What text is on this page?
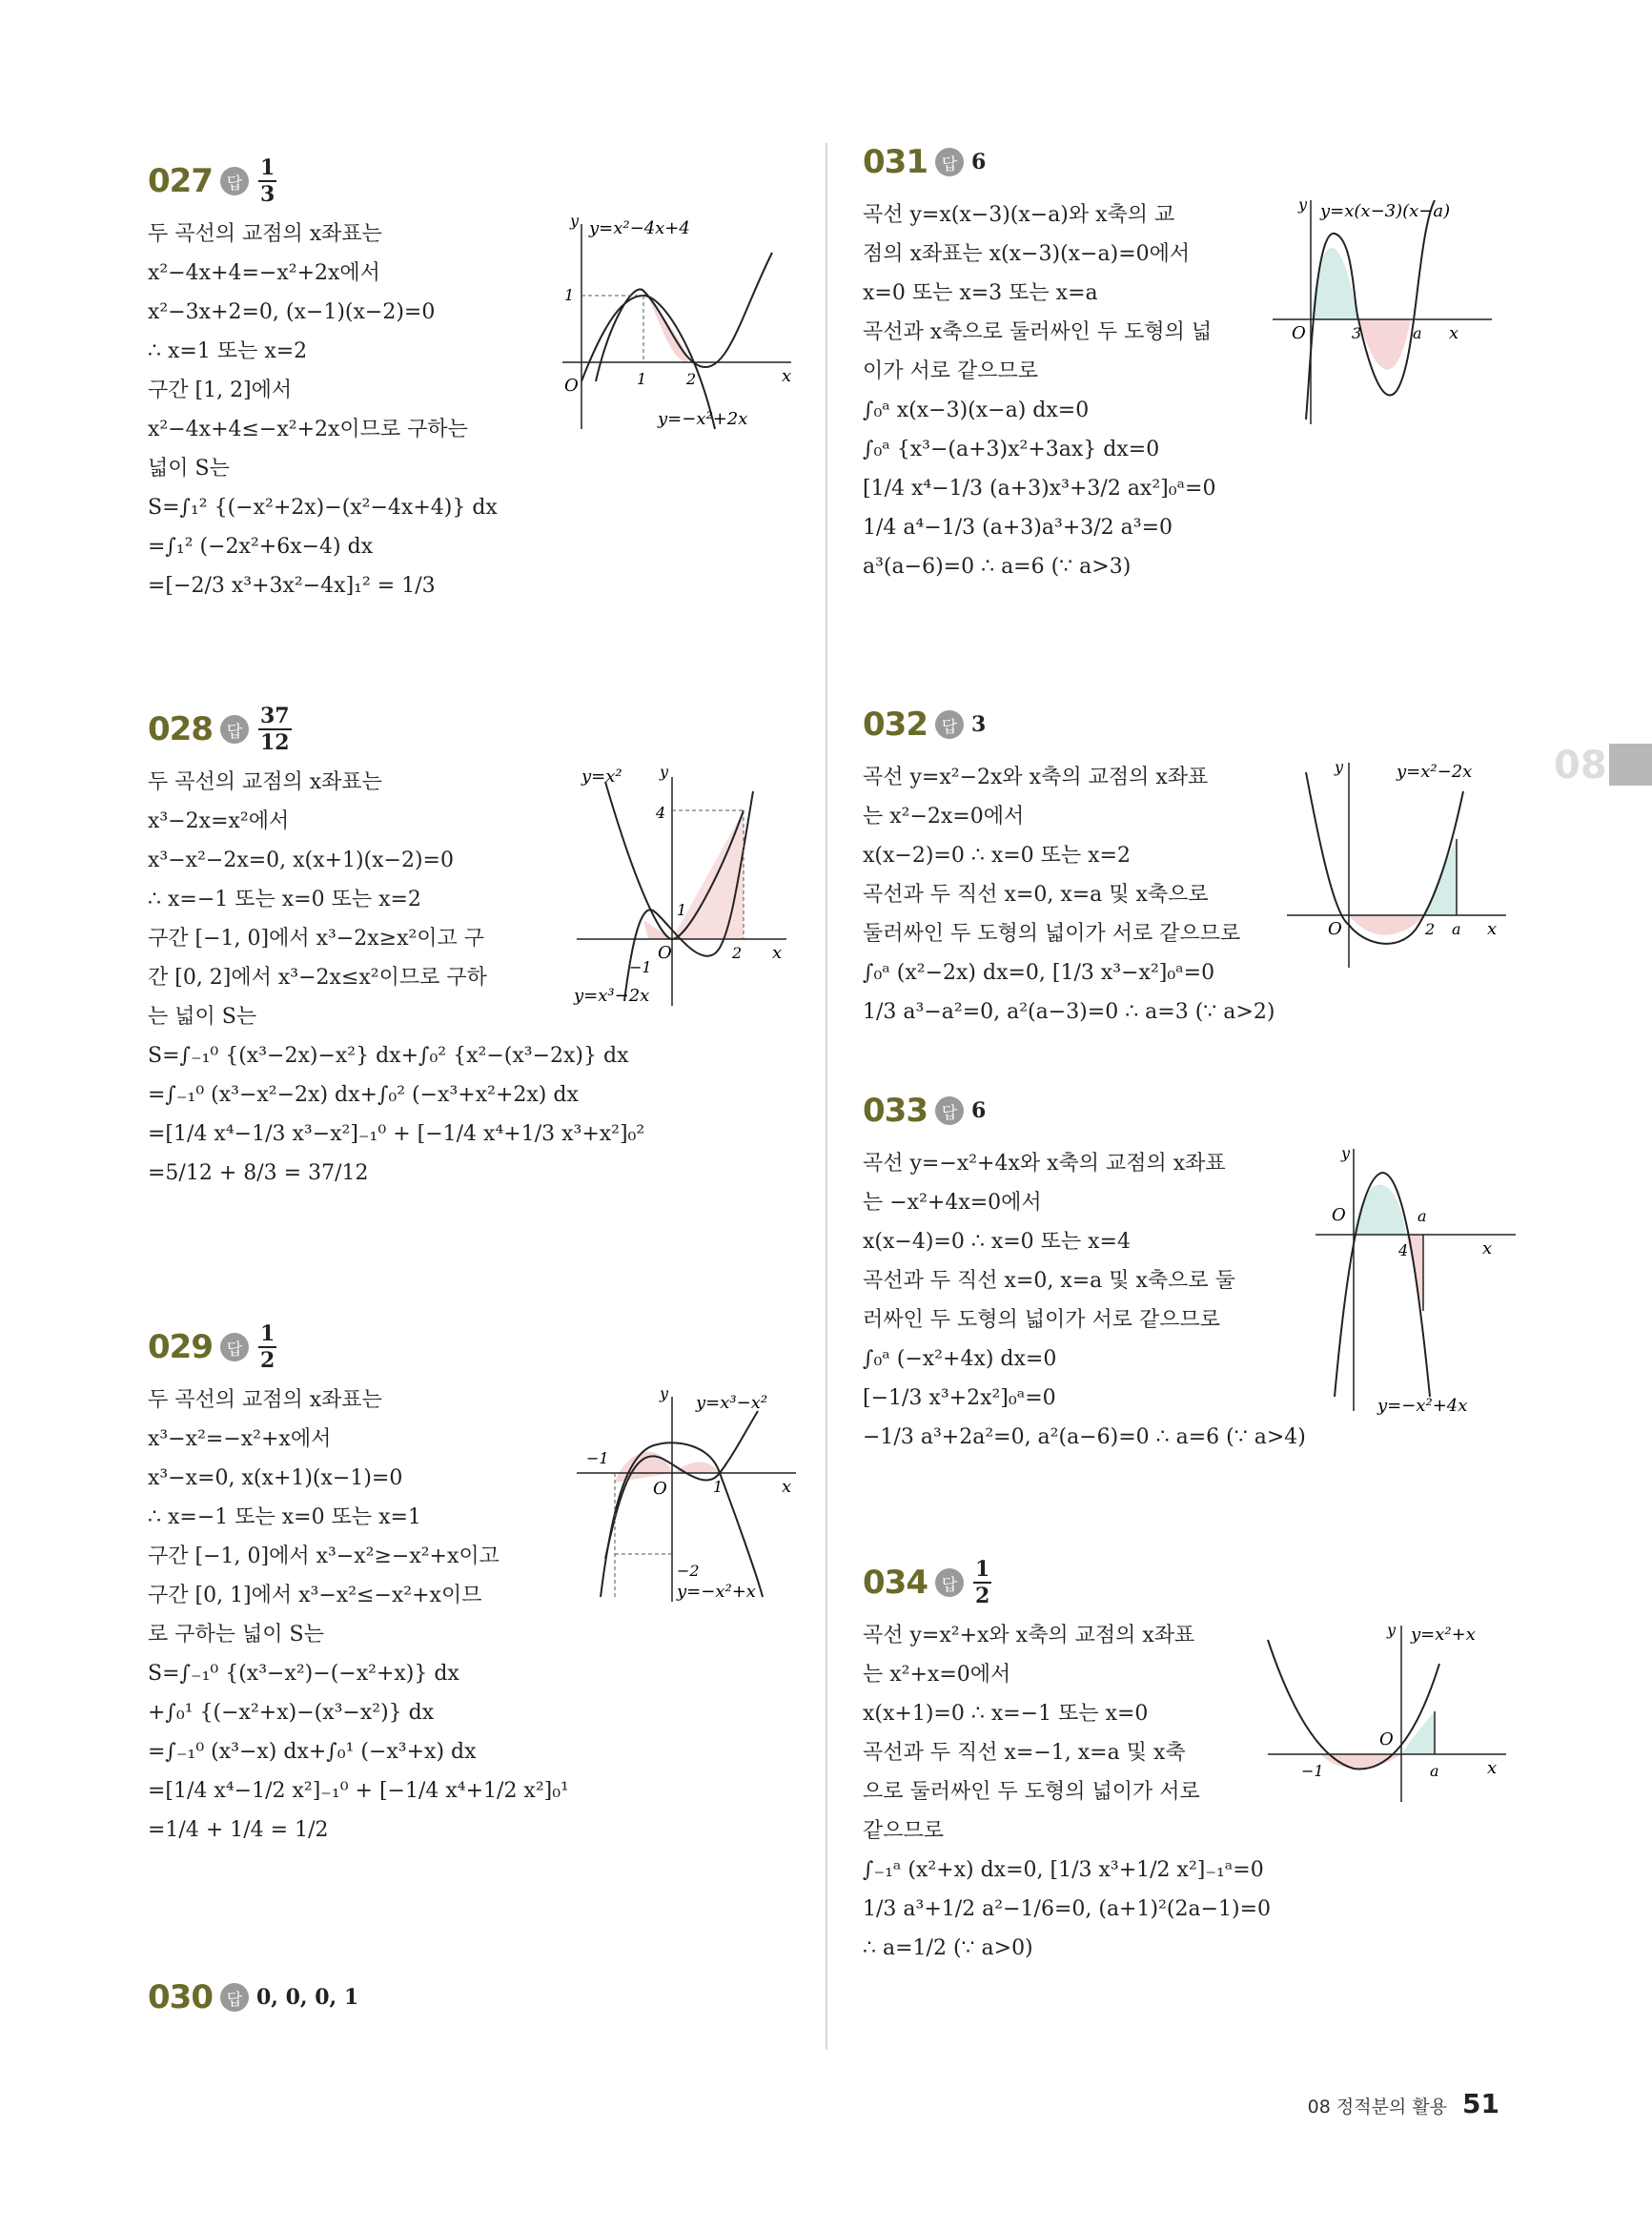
027 답 $\frac{1}{3}$
두 곡선의 교점의 x좌표는
x²−4x+4=−x²+2x에서
x²−3x+2=0, (x−1)(x−2)=0
∴ x=1 또는 x=2
구간 [1, 2]에서
x²−4x+4≤−x²+2x이므로 구하는
넓이 S는
S=∫₁² {(−x²+2x)−(x²−4x+4)} dx
=∫₁² (−2x²+6x−4) dx
=[−2/3 x³+3x²−4x]₁² = 1/3
y=x²−4x+4
y=−x²+2x
O	1	2
1
x
y
028 답 $\frac{37}{12}$
두 곡선의 교점의 x좌표는
x³−2x=x²에서
x³−x²−2x=0, x(x+1)(x−2)=0
∴ x=−1 또는 x=0 또는 x=2
구간 [−1, 0]에서 x³−2x≥x²이고 구
간 [0, 2]에서 x³−2x≤x²이므로 구하
는 넓이 S는
S=∫₋₁⁰ {(x³−2x)−x²} dx+∫₀² {x²−(x³−2x)} dx
=∫₋₁⁰ (x³−x²−2x) dx+∫₀² (−x³+x²+2x) dx
=[1/4 x⁴−1/3 x³−x²]₋₁⁰ + [−1/4 x⁴+1/3 x³+x²]₀²
=5/12 + 8/3 = 37/12
y=x²
y=x³−2x
O	2
−1
1
4
x
y
029 답 $\frac{1}{2}$
두 곡선의 교점의 x좌표는
x³−x²=−x²+x에서
x³−x=0, x(x+1)(x−1)=0
∴ x=−1 또는 x=0 또는 x=1
구간 [−1, 0]에서 x³−x²≥−x²+x이고
구간 [0, 1]에서 x³−x²≤−x²+x이므
로 구하는 넓이 S는
S=∫₋₁⁰ {(x³−x²)−(−x²+x)} dx
+∫₀¹ {(−x²+x)−(x³−x²)} dx
=∫₋₁⁰ (x³−x) dx+∫₀¹ (−x³+x) dx
=[1/4 x⁴−1/2 x²]₋₁⁰ + [−1/4 x⁴+1/2 x²]₀¹
=1/4 + 1/4 = 1/2
y=x³−x²
y=−x²+x
O	1
−1
−2
x
y
030 답 0, 0, 0, 1
031 답 6
곡선 y=x(x−3)(x−a)와 x축의 교
점의 x좌표는 x(x−3)(x−a)=0에서
x=0 또는 x=3 또는 x=a
곡선과 x축으로 둘러싸인 두 도형의 넓
이가 서로 같으므로
∫₀ᵃ x(x−3)(x−a) dx=0
∫₀ᵃ {x³−(a+3)x²+3ax} dx=0
[1/4 x⁴−1/3 (a+3)x³+3/2 ax²]₀ᵃ=0
1/4 a⁴−1/3 (a+3)a³+3/2 a³=0
a³(a−6)=0 ∴ a=6 (∵ a>3)
y=x(x−3)(x−a)
O	3	a x
y
032 답 3
곡선 y=x²−2x와 x축의 교점의 x좌표
는 x²−2x=0에서
x(x−2)=0 ∴ x=0 또는 x=2
곡선과 두 직선 x=0, x=a 및 x축으로
둘러싸인 두 도형의 넓이가 서로 같으므로
∫₀ᵃ (x²−2x) dx=0, [1/3 x³−x²]₀ᵃ=0
1/3 a³−a²=0, a²(a−3)=0 ∴ a=3 (∵ a>2)
y=x²−2x
O	2 a x
y
033 답 6
곡선 y=−x²+4x와 x축의 교점의 x좌표
는 −x²+4x=0에서
x(x−4)=0 ∴ x=0 또는 x=4
곡선과 두 직선 x=0, x=a 및 x축으로 둘
러싸인 두 도형의 넓이가 서로 같으므로
∫₀ᵃ (−x²+4x) dx=0
[−1/3 x³+2x²]₀ᵃ=0
−1/3 a³+2a²=0, a²(a−6)=0 ∴ a=6 (∵ a>4)
y=−x²+4x
O
4
a
x
y
034 답 $\frac{1}{2}$
곡선 y=x²+x와 x축의 교점의 x좌표
는 x²+x=0에서
x(x+1)=0 ∴ x=−1 또는 x=0
곡선과 두 직선 x=−1, x=a 및 x축
으로 둘러싸인 두 도형의 넓이가 서로
같으므로
∫₋₁ᵃ (x²+x) dx=0, [1/3 x³+1/2 x²]₋₁ᵃ=0
1/3 a³+1/2 a²−1/6=0, (a+1)²(2a−1)=0
∴ a=1/2 (∵ a>0)
y=x²+x
O
−1	a	x
y
08
08 정적분의 활용 51
